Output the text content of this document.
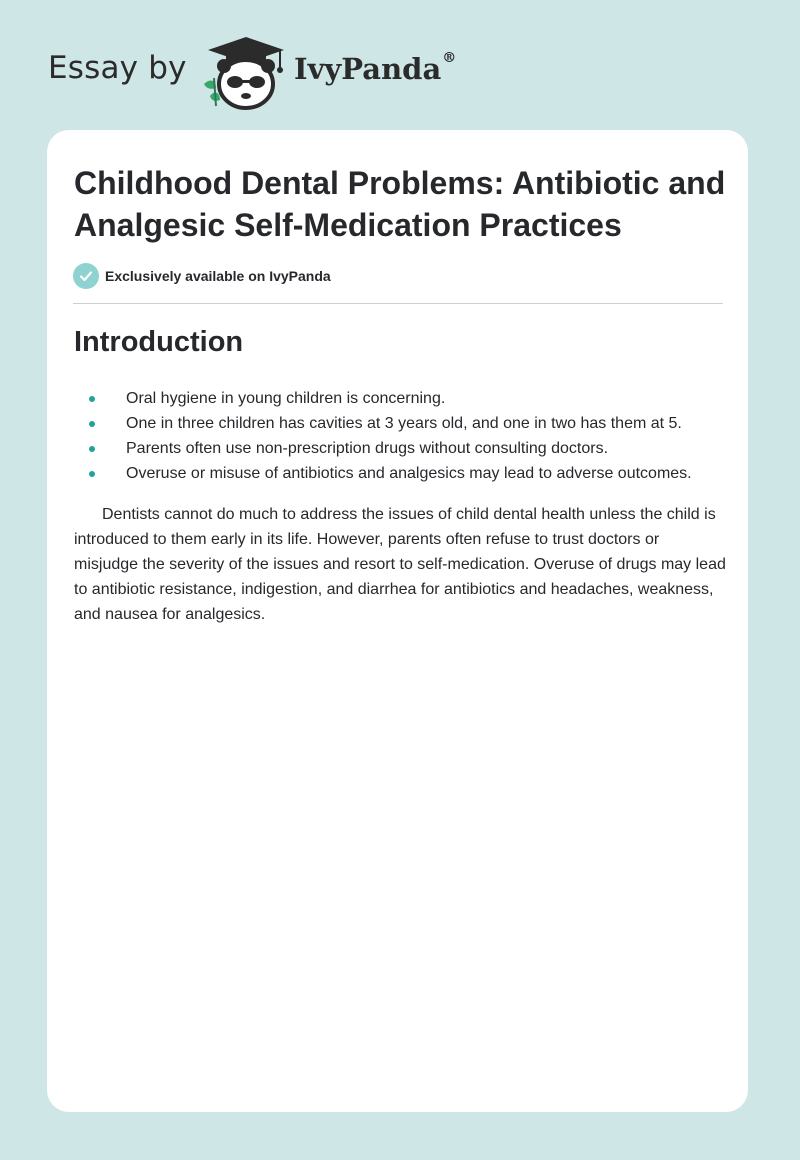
Essay by	IvyPanda®
Childhood Dental Problems: Antibiotic and Analgesic Self-Medication Practices
Exclusively available on IvyPanda
Introduction
Oral hygiene in young children is concerning.
One in three children has cavities at 3 years old, and one in two has them at 5.
Parents often use non-prescription drugs without consulting doctors.
Overuse or misuse of antibiotics and analgesics may lead to adverse outcomes.

Dentists cannot do much to address the issues of child dental health unless the child is introduced to them early in its life. However, parents often refuse to trust doctors or misjudge the severity of the issues and resort to self-medication. Overuse of drugs may lead to antibiotic resistance, indigestion, and diarrhea for antibiotics and headaches, weakness, and nausea for analgesics.
